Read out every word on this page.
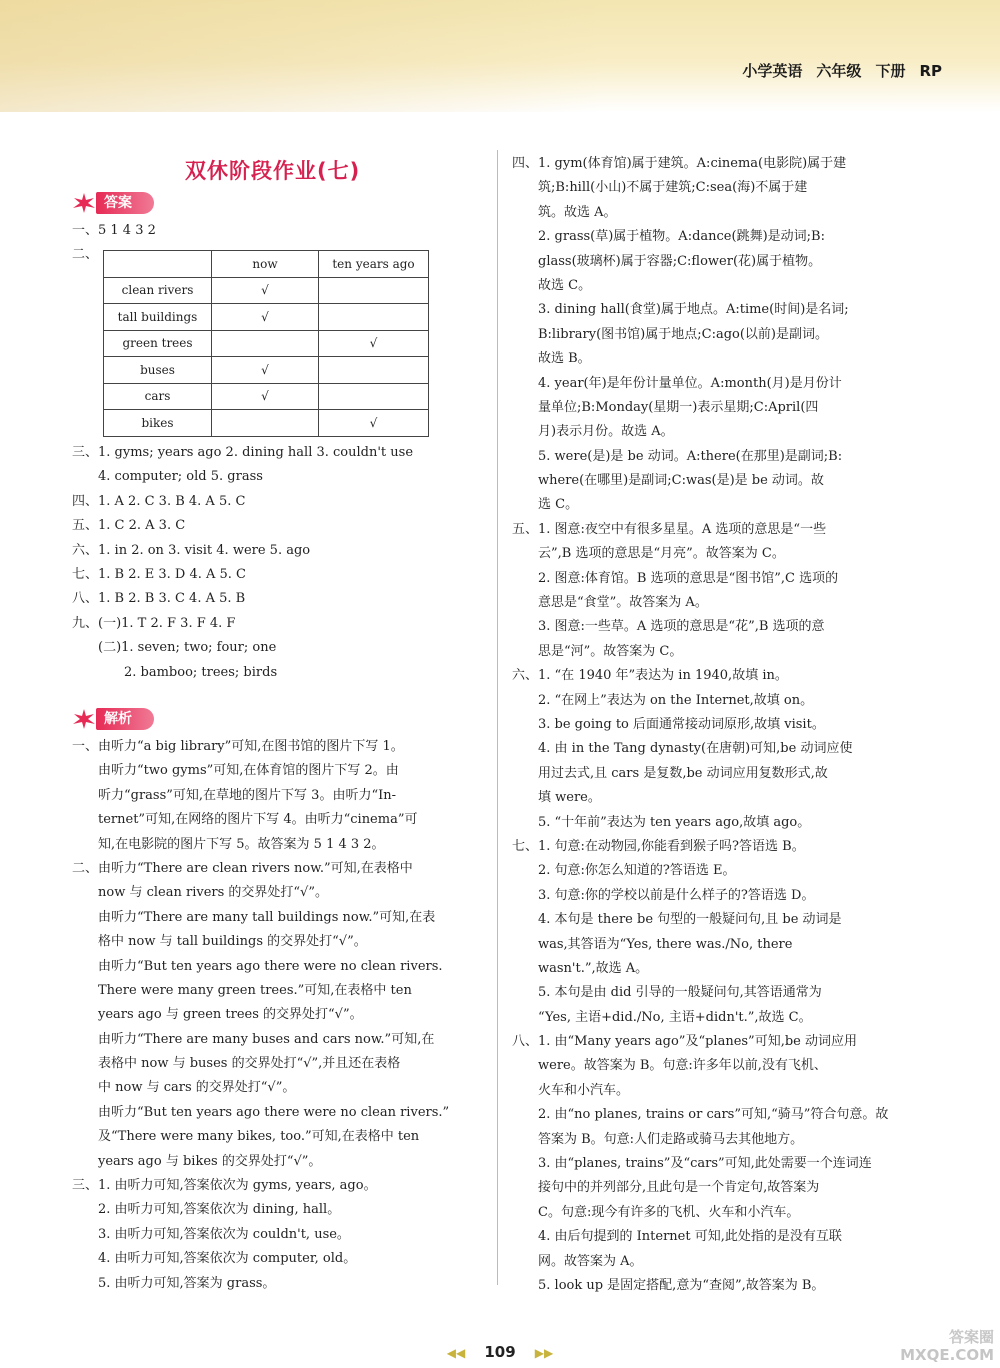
小学英语 六年级 下册 RP
双休阶段作业(七)
答案
一、5 1 4 3 2
二、
	now	ten years ago
clean rivers	√	
tall buildings	√	
green trees		√
buses	√	
cars	√	
bikes		√
三、1. gyms; years ago 2. dining hall 3. couldn't use
　　4. computer; old 5. grass
四、1. A 2. C 3. B 4. A 5. C
五、1. C 2. A 3. C
六、1. in 2. on 3. visit 4. were 5. ago
七、1. B 2. E 3. D 4. A 5. C
八、1. B 2. B 3. C 4. A 5. B
九、(一)1. T 2. F 3. F 4. F
　　(二)1. seven; two; four; one
　　　　2. bamboo; trees; birds
解析
一、由听力“a big library”可知,在图书馆的图片下写 1。
　　由听力“two gyms”可知,在体育馆的图片下写 2。由
　　听力“grass”可知,在草地的图片下写 3。由听力“In-
　　ternet”可知,在网络的图片下写 4。由听力“cinema”可
　　知,在电影院的图片下写 5。故答案为 5 1 4 3 2。
二、由听力“There are clean rivers now.”可知,在表格中
　　now 与 clean rivers 的交界处打“√”。
　　由听力“There are many tall buildings now.”可知,在表
　　格中 now 与 tall buildings 的交界处打“√”。
　　由听力“But ten years ago there were no clean rivers.
　　There were many green trees.”可知,在表格中 ten
　　years ago 与 green trees 的交界处打“√”。
　　由听力“There are many buses and cars now.”可知,在
　　表格中 now 与 buses 的交界处打“√”,并且还在表格
　　中 now 与 cars 的交界处打“√”。
　　由听力“But ten years ago there were no clean rivers.”
　　及“There were many bikes, too.”可知,在表格中 ten
　　years ago 与 bikes 的交界处打“√”。
三、1. 由听力可知,答案依次为 gyms, years, ago。
　　2. 由听力可知,答案依次为 dining, hall。
　　3. 由听力可知,答案依次为 couldn't, use。
　　4. 由听力可知,答案依次为 computer, old。
　　5. 由听力可知,答案为 grass。
四、1. gym(体育馆)属于建筑。A:cinema(电影院)属于建
　　筑;B:hill(小山)不属于建筑;C:sea(海)不属于建
　　筑。故选 A。
　　2. grass(草)属于植物。A:dance(跳舞)是动词;B:
　　glass(玻璃杯)属于容器;C:flower(花)属于植物。
　　故选 C。
　　3. dining hall(食堂)属于地点。A:time(时间)是名词;
　　B:library(图书馆)属于地点;C:ago(以前)是副词。
　　故选 B。
　　4. year(年)是年份计量单位。A:month(月)是月份计
　　量单位;B:Monday(星期一)表示星期;C:April(四
　　月)表示月份。故选 A。
　　5. were(是)是 be 动词。A:there(在那里)是副词;B:
　　where(在哪里)是副词;C:was(是)是 be 动词。故
　　选 C。
五、1. 图意:夜空中有很多星星。A 选项的意思是“一些
　　云”,B 选项的意思是“月亮”。故答案为 C。
　　2. 图意:体育馆。B 选项的意思是“图书馆”,C 选项的
　　意思是“食堂”。故答案为 A。
　　3. 图意:一些草。A 选项的意思是“花”,B 选项的意
　　思是“河”。故答案为 C。
六、1. “在 1940 年”表达为 in 1940,故填 in。
　　2. “在网上”表达为 on the Internet,故填 on。
　　3. be going to 后面通常接动词原形,故填 visit。
　　4. 由 in the Tang dynasty(在唐朝)可知,be 动词应使
　　用过去式,且 cars 是复数,be 动词应用复数形式,故
　　填 were。
　　5. “十年前”表达为 ten years ago,故填 ago。
七、1. 句意:在动物园,你能看到猴子吗?答语选 B。
　　2. 句意:你怎么知道的?答语选 E。
　　3. 句意:你的学校以前是什么样子的?答语选 D。
　　4. 本句是 there be 句型的一般疑问句,且 be 动词是
　　was,其答语为“Yes, there was./No, there
　　wasn't.”,故选 A。
　　5. 本句是由 did 引导的一般疑问句,其答语通常为
　　“Yes, 主语+did./No, 主语+didn't.”,故选 C。
八、1. 由“Many years ago”及“planes”可知,be 动词应用
　　were。故答案为 B。句意:许多年以前,没有飞机、
　　火车和小汽车。
　　2. 由“no planes, trains or cars”可知,“骑马”符合句意。故
　　答案为 B。句意:人们走路或骑马去其他地方。
　　3. 由“planes, trains”及“cars”可知,此处需要一个连词连
　　接句中的并列部分,且此句是一个肯定句,故答案为
　　C。句意:现今有许多的飞机、火车和小汽车。
　　4. 由后句提到的 Internet 可知,此处指的是没有互联
　　网。故答案为 A。
　　5. look up 是固定搭配,意为“查阅”,故答案为 B。
◀◀ 109 ▶▶
答案圈
MXQE.COM
